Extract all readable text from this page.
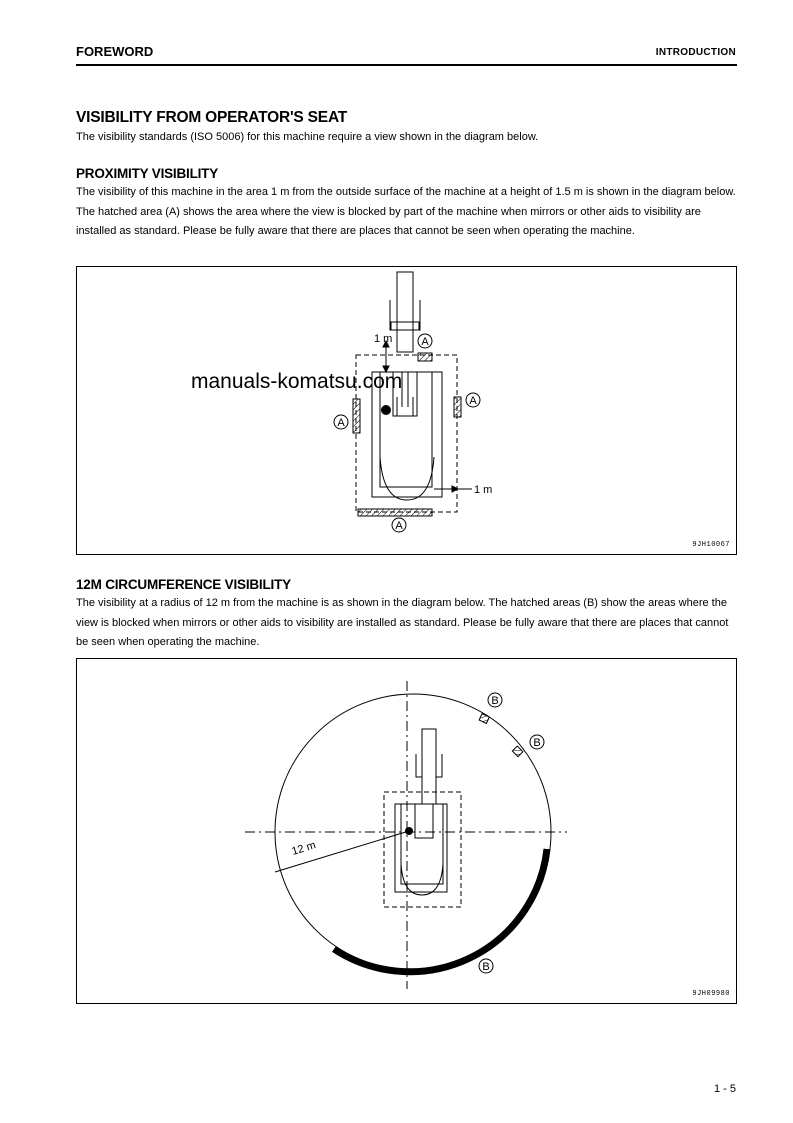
FOREWORD	INTRODUCTION
VISIBILITY FROM OPERATOR'S SEAT
The visibility standards (ISO 5006) for this machine require a view shown in the diagram below.
PROXIMITY VISIBILITY
The visibility of this machine in the area 1 m from the outside surface of the machine at a height of 1.5 m is shown in the diagram below. The hatched area (A) shows the area where the view is blocked by part of the machine when mirrors or other aids to visibility are installed as standard. Please be fully aware that there are places that cannot be seen when operating the machine.
1 m
1 m
A
A
A
A
9JH10067
manuals-komatsu.com
12M CIRCUMFERENCE VISIBILITY
The visibility at a radius of 12 m from the machine is as shown in the diagram below. The hatched areas (B) show the areas where the view is blocked when mirrors or other aids to visibility are installed as standard. Please be fully aware that there are places that cannot be seen when operating the machine.
12 m
B
B
B
9JH09980
1 - 5
